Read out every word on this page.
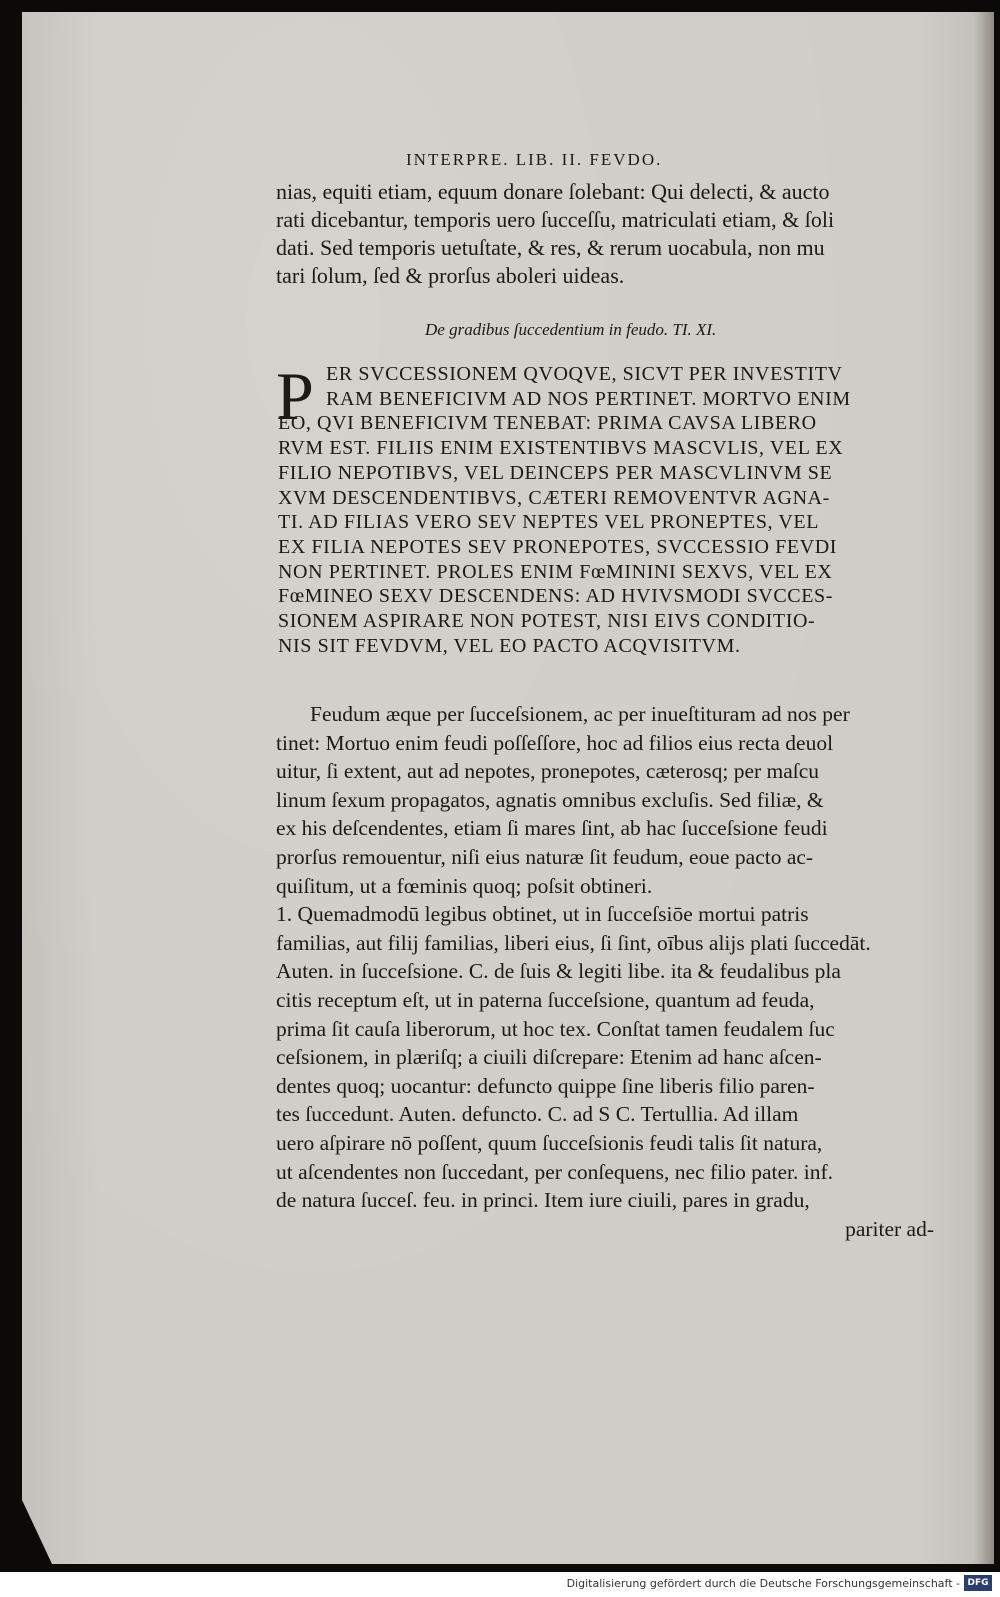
INTERPRE. LIB. II. FEVDO.
nias, equiti etiam, equum donare ſolebant: Qui delecti, & aucto
rati dicebantur, temporis uero ſucceſſu, matriculati etiam, & ſoli
dati. Sed temporis uetuſtate, & res, & rerum uocabula, non mu
tari ſolum, ſed & prorſus aboleri uideas.
De gradibus ſuccedentium in feudo. TI. XI.
P ER SVCCESSIONEM QVOQVE, SICVT PER INVESTITV
RAM BENEFICIVM AD NOS PERTINET. MORTVO ENIM
EO, QVI BENEFICIVM TENEBAT: PRIMA CAVSA LIBERO
RVM EST. FILIIS ENIM EXISTENTIBVS MASCVLIS, VEL EX
FILIO NEPOTIBVS, VEL DEINCEPS PER MASCVLINVM SE
XVM DESCENDENTIBVS, CÆTERI REMOVENTVR AGNA-
TI. AD FILIAS VERO SEV NEPTES VEL PRONEPTES, VEL
EX FILIA NEPOTES SEV PRONEPOTES, SVCCESSIO FEVDI
NON PERTINET. PROLES ENIM FœMININI SEXVS, VEL EX
FœMINEO SEXV DESCENDENS: AD HVIVSMODI SVCCES-
SIONEM ASPIRARE NON POTEST, NISI EIVS CONDITIO-
NIS SIT FEVDVM, VEL EO PACTO ACQVISITVM.
Feudum æque per ſucceſsionem, ac per inueſtituram ad nos per
tinet: Mortuo enim feudi poſſeſſore, hoc ad filios eius recta deuol
uitur, ſi extent, aut ad nepotes, pronepotes, cæterosq; per maſcu
linum ſexum propagatos, agnatis omnibus excluſis. Sed filiæ, &
ex his deſcendentes, etiam ſi mares ſint, ab hac ſucceſsione feudi
prorſus remouentur, niſi eius naturæ ſit feudum, eoue pacto ac-
quiſitum, ut a fœminis quoq; poſsit obtineri.
1. Quemadmodū legibus obtinet, ut in ſucceſsiōe mortui patris
familias, aut filij familias, liberi eius, ſi ſint, oībus alijs plati ſuccedāt.
Auten. in ſucceſsione. C. de ſuis & legiti libe. ita & feudalibus pla
citis receptum eſt, ut in paterna ſucceſsione, quantum ad feuda,
prima ſit cauſa liberorum, ut hoc tex. Conſtat tamen feudalem ſuc
ceſsionem, in plæriſq; a ciuili diſcrepare: Etenim ad hanc aſcen-
dentes quoq; uocantur: defuncto quippe ſine liberis filio paren-
tes ſuccedunt. Auten. defuncto. C. ad S C. Tertullia. Ad illam
uero aſpirare nō poſſent, quum ſucceſsionis feudi talis ſit natura,
ut aſcendentes non ſuccedant, per conſequens, nec filio pater. inf.
de natura ſucceſ. feu. in princi. Item iure ciuili, pares in gradu,
pariter ad-
Digitalisierung gefördert durch die Deutsche Forschungsgemeinschaft - DFG
